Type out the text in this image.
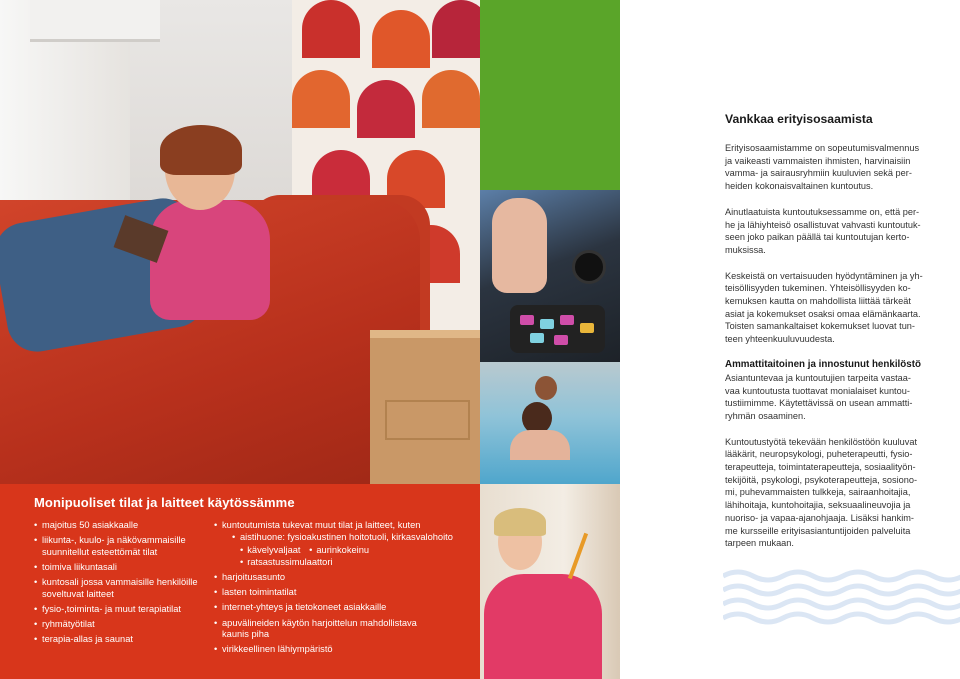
Monipuoliset tilat ja laitteet käytössämme
• majoitus 50 asiakkaalle
• liikunta-, kuulo- ja näkövammaisille suunnitellut esteettömät tilat
• toimiva liikuntasali
• kuntosali jossa vammaisille henkilöille soveltuvat laitteet
• fysio-,toiminta- ja muut terapiatilat
• ryhmätyötilat
• terapia-allas ja saunat
• kuntoutumista tukevat muut tilat ja laitteet, kuten
• aistihuone: fysioakustinen hoitotuoli, kirkasvalohoito
• kävelyvaljaat • aurinkokeinu • ratsastussimulaattori
• harjoitusasunto
• lasten toimintatilat
• internet-yhteys ja tietokoneet asiakkaille
• apuvälineiden käytön harjoittelun mahdollistava kaunis piha
• virikkeellinen lähiympäristö
Vankkaa erityisosaamista

Erityisosaamistamme on sopeutumisvalmennus
ja vaikeasti vammaisten ihmisten, harvinaisiin
vamma- ja sairausryhmiin kuuluvien sekä per-
heiden kokonaisvaltainen kuntoutus.

Ainutlaatuista kuntoutuksessamme on, että per-
he ja lähiyhteisö osallistuvat vahvasti kuntoutuk-
seen joko paikan päällä tai kuntoutujan kerto-
muksissa.

Keskeistä on vertaisuuden hyödyntäminen ja yh-
teisöllisyyden tukeminen. Yhteisöllisyyden ko-
kemuksen kautta on mahdollista liittää tärkeät
asiat ja kokemukset osaksi omaa elämänkaarta.
Toisten samankaltaiset kokemukset luovat tun-
teen yhteenkuuluvuudesta.

Ammattitaitoinen ja innostunut henkilöstö

Asiantuntevaa ja kuntoutujien tarpeita vastaa-
vaa kuntoutusta tuottavat monialaiset kuntou-
tustiimimme. Käytettävissä on usean ammatti-
ryhmän osaaminen.

Kuntoutustyötä tekevään henkilöstöön kuuluvat
lääkärit, neuropsykologi, puheterapeutti, fysio-
terapeutteja, toimintaterapeutteja, sosiaalityön-
tekijöitä, psykologi, psykoterapeutteja, sosiono-
mi, puhevammaisten tulkkeja, sairaanhoitajia,
lähihoitaja, kuntohoitajia, seksuaalineuvojia ja
nuoriso- ja vapaa-ajanohjaaja. Lisäksi hankim-
me kursseille erityisasiantuntijoiden palveluita
tarpeen mukaan.
